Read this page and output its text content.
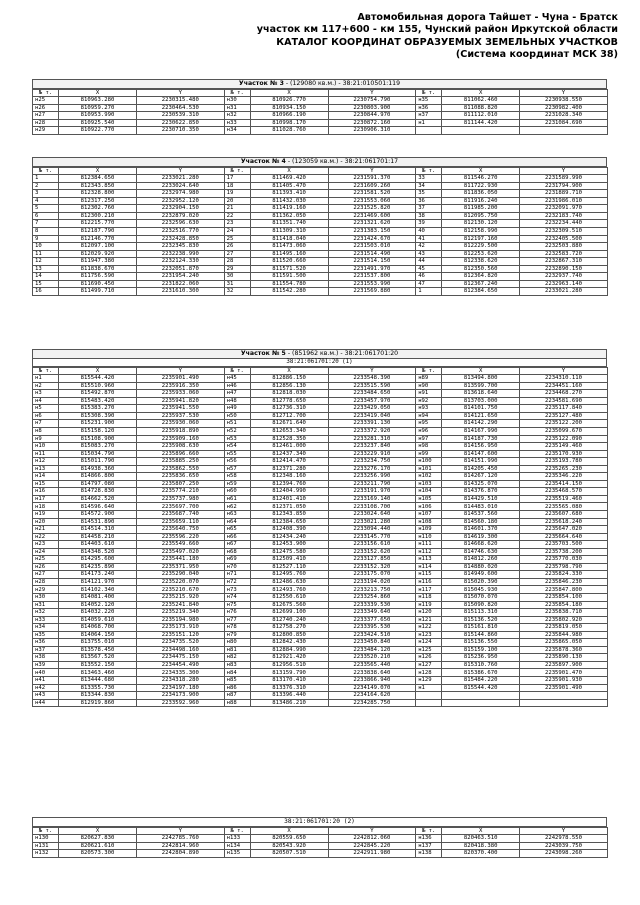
Автомобильная дорога Тайшет - Чуна - Братск
участок км 117+600 - км 155, Чунский район Иркутской области
КАТАЛОГ КООРДИНАТ ОБРАЗУЕМЫХ ЗЕМЕЛЬНЫХ УЧАСТКОВ
(Система координат МСК 38)
Участок № 3 - (129080 кв.м.) - 38:21:010501:119
№ т.	X	Y	№ т.	X	Y	№ т.	X	Y
н25	810963.280	2230315.480	н30	810926.770	2230754.790	н35	811062.460	2230938.550
н26	810959.270	2230464.530	н31	810934.150	2230803.900	н36	811088.820	2230982.400
н27	810953.990	2230539.310	н32	810966.190	2230844.970	н37	811112.010	2231028.340
н28	810925.540	2230622.850	н33	810998.170	2230872.160	н1	811144.420	2231084.690
н29	810922.770	2230710.350	н34	811028.760	2230906.310			
Участок № 4 - (123059 кв.м.) - 38:21:061701:17
№ т.	X	Y	№ т.	X	Y	№ т.	X	Y
1	812384.650	2233021.280	17	811469.420	2231591.370	33	811546.270	2231589.990
2	812343.850	2233024.640	18	811405.470	2231609.260	34	811722.930	2231794.900
3	812328.800	2232974.980	19	811393.410	2231581.520	35	811836.050	2231889.710
4	812317.250	2232952.120	20	811432.030	2231553.060	36	811916.240	2231986.010
5	812302.760	2232904.150	21	811419.160	2231525.820	37	811985.200	2232091.970
6	812300.210	2232879.020	22	811362.050	2231469.600	38	812095.750	2232183.740
7	812215.770	2232596.630	23	811351.740	2231321.620	39	812130.120	2232234.440
8	812187.790	2232516.770	24	811309.310	2231383.150	40	812158.990	2232309.510
9	812146.770	2232428.850	25	811418.040	2231424.670	41	812197.160	2232405.500
10	812097.100	2232345.830	26	811473.060	2231503.010	42	812229.500	2232503.880
11	812029.920	2232238.990	27	811495.160	2231514.490	43	812253.620	2232583.720
12	811947.380	2232124.330	28	811520.660	2231514.150	44	812338.620	2232867.310
13	811838.670	2232051.870	29	811571.520	2231491.970	45	812350.560	2232890.150
14	811756.590	2231954.240	30	811591.500	2231537.800	46	812364.820	2232937.740
15	811690.450	2231822.060	31	811554.780	2231553.990	47	812367.240	2232963.140
16	811499.710	2231610.300	32	811542.280	2231569.880	1	812384.650	2233021.280
Участок № 5 - (851962 кв.м.) - 38:21:061701:20
38:21:061701:20 (1)
№ т.	X	Y	№ т.	X	Y	№ т.	X	Y
н1	815544.420	2235901.490	н45	812886.150	2233548.390	н89	813494.800	2234310.110
н2	815510.960	2235916.350	н46	812856.130	2233515.590	н90	813599.700	2234451.160
н3	815492.870	2235933.060	н47	812818.030	2233484.650	н91	813618.640	2234468.270
н4	815483.420	2235941.820	н48	812778.650	2233457.970	н92	813703.000	2234581.690
н5	815383.270	2235941.550	н49	812736.310	2233429.050	н93	814101.750	2235117.840
н6	815308.390	2235937.530	н50	812712.700	2233419.040	н94	814121.650	2235127.480
н7	815231.900	2235930.060	н51	812671.640	2233391.130	н95	814142.290	2235122.200
н8	815158.120	2235918.890	н52	812653.340	2233372.920	н96	814167.990	2235099.670
н9	815108.900	2235909.160	н53	812528.350	2233281.310	н97	814187.730	2235122.090
н10	815083.270	2235908.630	н54	812461.000	2233237.840	н98	814156.950	2235149.460
н11	815034.790	2235896.660	н55	812437.340	2233229.910	н99	814147.600	2235170.930
н12	815011.790	2235885.250	н56	812414.470	2233234.750	н100	814151.990	2235193.780
н13	814938.360	2235862.550	н57	812371.280	2233276.170	н101	814205.450	2235265.230
н14	814866.800	2235836.650	н58	812348.160	2233256.990	н102	814267.120	2235346.220
н15	814797.080	2235807.250	н59	812394.760	2233211.790	н103	814325.070	2235414.150
н16	814728.830	2235774.210	н60	812404.990	2233191.970	н104	814376.870	2235468.570
н17	814662.520	2235737.980	н61	812401.410	2233169.140	н105	814429.510	2235519.460
н18	814596.640	2235697.700	н62	812371.050	2233108.700	н106	814483.010	2235565.080
н19	814572.900	2235687.740	н63	812343.850	2233024.640	н107	814537.560	2235607.680
н20	814531.890	2235659.110	н64	812384.650	2233021.280	н108	814560.180	2235618.240
н21	814514.310	2235640.750	н65	812408.390	2233094.440	н109	814601.370	2235647.020
н22	814458.210	2235596.220	н66	812434.240	2233145.770	н110	814619.300	2235664.640
н23	814403.610	2235549.660	н67	812453.900	2233156.610	н111	814668.620	2235703.500
н24	814348.520	2235497.020	н68	812475.580	2233152.620	н112	814746.630	2235738.200
н25	814295.600	2235441.180	н69	812509.410	2233127.850	н113	814812.260	2235770.030
н26	814235.890	2235371.950	н70	812527.110	2233152.320	н114	814880.020	2235798.790
н27	814173.240	2235290.040	н71	812495.760	2233175.070	н115	814949.600	2235824.330
н28	814121.970	2235220.070	н72	812486.630	2233194.020	н116	815020.390	2235846.230
н29	814102.340	2235210.670	н73	812493.760	2233213.750	н117	815045.930	2235847.800
н30	814081.400	2235215.920	н74	812550.610	2233254.860	н118	815070.070	2235854.100
н31	814052.120	2235241.840	н75	812675.560	2233339.530	н119	815090.820	2235854.180
н32	814032.220	2235219.340	н76	812699.100	2233349.640	н120	815113.310	2235838.710
н33	814059.610	2235194.980	н77	812740.240	2233377.650	н121	815136.520	2235802.920
н34	814068.700	2235173.910	н78	812758.270	2233395.530	н122	815161.810	2235819.050
н35	814064.150	2235151.120	н79	812800.850	2233424.510	н123	815144.860	2235844.980
н36	813755.010	2234735.520	н80	812842.430	2233450.840	н124	815136.550	2235865.050
н37	813578.450	2234498.160	н81	812884.990	2233484.120	н125	815159.100	2235878.360
н38	813567.520	2234475.150	н82	812921.420	2233520.210	н126	815236.950	2235890.130
н39	813552.150	2234454.490	н83	812956.510	2233565.440	н127	815310.760	2235897.900
н40	813463.460	2234335.300	н84	813159.790	2233838.640	н128	815386.670	2235901.470
н41	813444.680	2234318.280	н85	813170.410	2233866.940	н129	815484.220	2235901.930
н42	813355.730	2234197.180	н86	813376.310	2234149.070	н1	815544.420	2235901.490
н43	813344.830	2234173.900	н87	813396.440	2234164.620			
н44	812919.860	2233592.960	н88	813486.210	2234285.750			
38:21:061701:20 (2)
№ т.	X	Y	№ т.	X	Y	№ т.	X	Y
н130	820627.830	2242785.760	н133	820559.650	2242812.060	н136	820463.510	2242978.550
н131	820621.610	2242814.960	н134	820543.920	2242845.220	н137	820418.380	2243039.750
н132	820573.300	2242804.890	н135	820507.510	2242911.980	н138	820370.400	2243098.260
